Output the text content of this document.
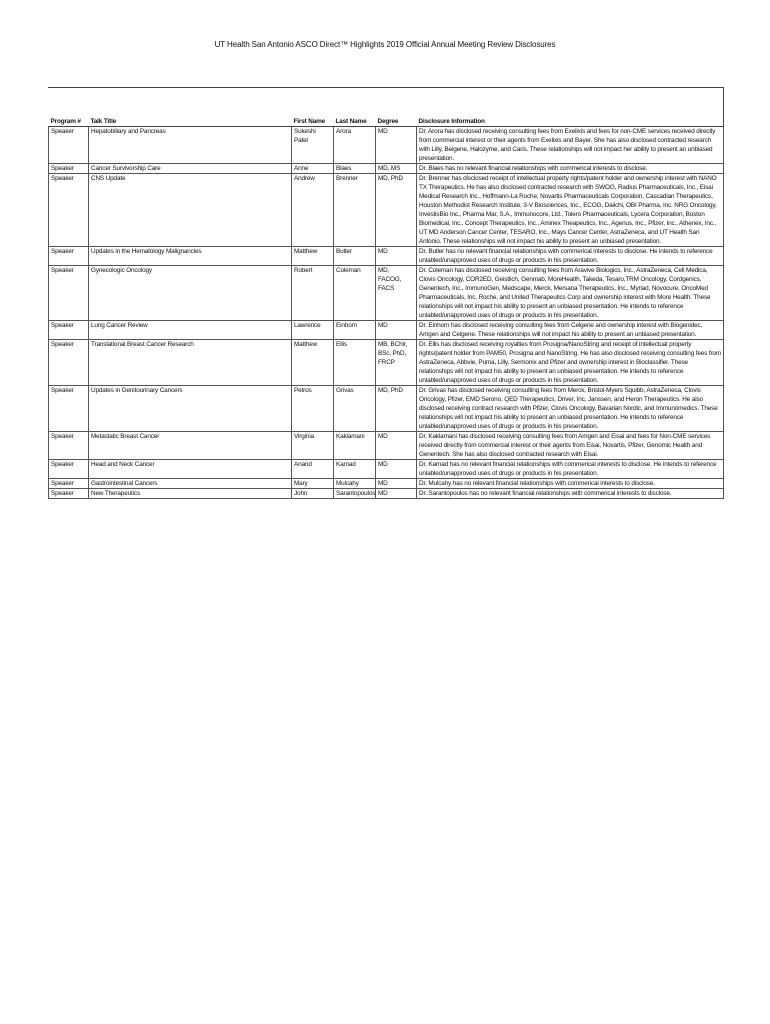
UT Health San Antonio ASCO Direct™ Highlights 2019 Official Annual Meeting Review Disclosures
Program #	Talk Title	First Name	Last Name	Degree	Disclosure Information
Speaker	Hepatobiliary and Pancreas	Sukeshi Patel	Arora	MD	Dr. Arora has disclosed receiving consulting fees from Exelixis and fees for non-CME services received directly from commercial interest or their agents from Exelixis and Bayer. She has also disclosed contracted research with Lilly, Beigene, Halozyme, and Caris. These relationships will not impact her ability to present an unbiased presentation.
Speaker	Cancer Survivorship Care	Anne	Blaes	MD, MS	Dr. Blaes has no relevant financial relationships with commerical interests to disclose.
Speaker	CNS Update	Andrew	Brenner	MD, PhD	Dr. Brenner has disclosed receipt of intellectual property rights/patent holder and ownership interest with NANO TX Therapeutics. He has also disclosed contracted research with SWOG, Radius Pharmaceuticals, Inc., Eisai Medical Research Inc., Hoffmann-La Roche, Novartis Pharmaceuticals Corporation, Cascadian Therapeutics, Houston Methodist Research Institute, 3-V Biosciences, Inc., ECOG, Daiichi, OBI Pharma, Inc. NRG Oncology, InvestisBio Inc., Pharma Mar, S.A., Immunocore, Ltd., Tolero Pharmaceuticals, Lycera Corporation, Boston Biomedical, Inc., Concept Therapeutics, Inc., Aminex Theapeutics, Inc., Agenus, Inc., Pfizer, Inc., Athenex, Inc., UT MD Anderson Cancer Center, TESARO, Inc., Mays Cancer Center, AstraZeneca, and UT Health San Antonio. These relationships will not impact his ability to present an unbiased presentation.
Speaker	Updates in the Hematology Malignancies	Matthew	Butler	MD	Dr. Butler has no relevant financial relationships with commerical interests to disclose. He intends to reference unlabled/unapproved uses of drugs or products in his presentation.
Speaker	Gynecologic Oncology	Robert	Coleman	MD, FACOG, FACS	Dr. Coleman has disclosed receiving consulting fees from Aravive Biologics, Inc., AstraZeneca, Cell Medica, Clovis Oncology, COR2ED, Geistlich, Genmab, MoreHealth, Takeda, Tesaro,TRM Oncology, Cordgenics, Genentech, Inc., ImmunoGen, Medscape, Merck, Mersana Therapeutics, Inc., Myriad, Novocure, OncoMed Pharmaceuticals, Inc, Roche, and United Therapeutics Corp and ownership interest with More Health. These relationships will not impact his ability to present an unbiased presentation. He intends to reference unlabled/unapproved uses of drugs or products in his presentation.
Speaker	Lung Cancer Review	Lawrence	Einhorn	MD	Dr. Einhorn has disclosed receiving consulting fees from Celgene and ownership interest with Biogenidec, Amgen and Celgene. These relationships will not impact his ability to present an unbiased presentation.
Speaker	Translational Breast Cancer Research	Matthew	Ellis	MB, BChir, BSc, PhD, FRCP	Dr. Ellis has disclosed receiving royalties from Prosigna/NanoString and receipt of intellectual property rights/patent holder from PAM50, Prosigna and NanoString. He has also disclosed receiving consulting fees from AstraZeneca, Abbvie, Puma, Lilly, Sermonix and Pfizer and ownership interest in Bioclassifier. These relationships will not impact his ability to present an unbiased presentation. He intends to reference unlabled/unapproved uses of drugs or products in his presentation.
Speaker	Updates in Genitourinary Cancers	Petros	Grivas	MD, PhD	Dr. Grivas has disclosed receiving consulting fees from Merck, Bristol-Myers Squibb, AstraZeneca, Clovis Oncology, Pfizer, EMD Serono, QED Therapeutics, Driver, Inc, Janssen, and Heron Therapeutics. He also disclosed receiving contract research with Pfizer, Clovis Oncology, Bavarian Nordic, and Immunomedics. These relationships will not impact his ability to present an unbiased presentation. He intends to reference unlabled/unapproved uses of drugs or products in his presentation.
Speaker	Metastatic Breast Cancer	Virginia	Kaklamani	MD	Dr. Kaklamani has disclosed receiving consulting fees from Amgen and Eisai and fees for Non-CME services received directly from commercial interest or their agents from Eisai, Novartis, Pfizer, Genomic Health and Genentech. She has also disclosed contracted research with Eisai.
Speaker	Head and Neck Cancer	Anand	Karnad	MD	Dr. Karnad has no relevant financial relationships with commerical interests to disclose. He intends to reference unlabled/unapproved uses of drugs or products in his presentation.
Speaker	Gastrointestinal Cancers	Mary	Mulcahy	MD	Dr. Mulcahy has no relevant financial relationships with commerical interests to disclose.
Speaker	New Therapeutics	John	Sarantopoulos	MD	Dr. Sarantopoulos has no relevant financial relationships with commerical interests to disclose.
